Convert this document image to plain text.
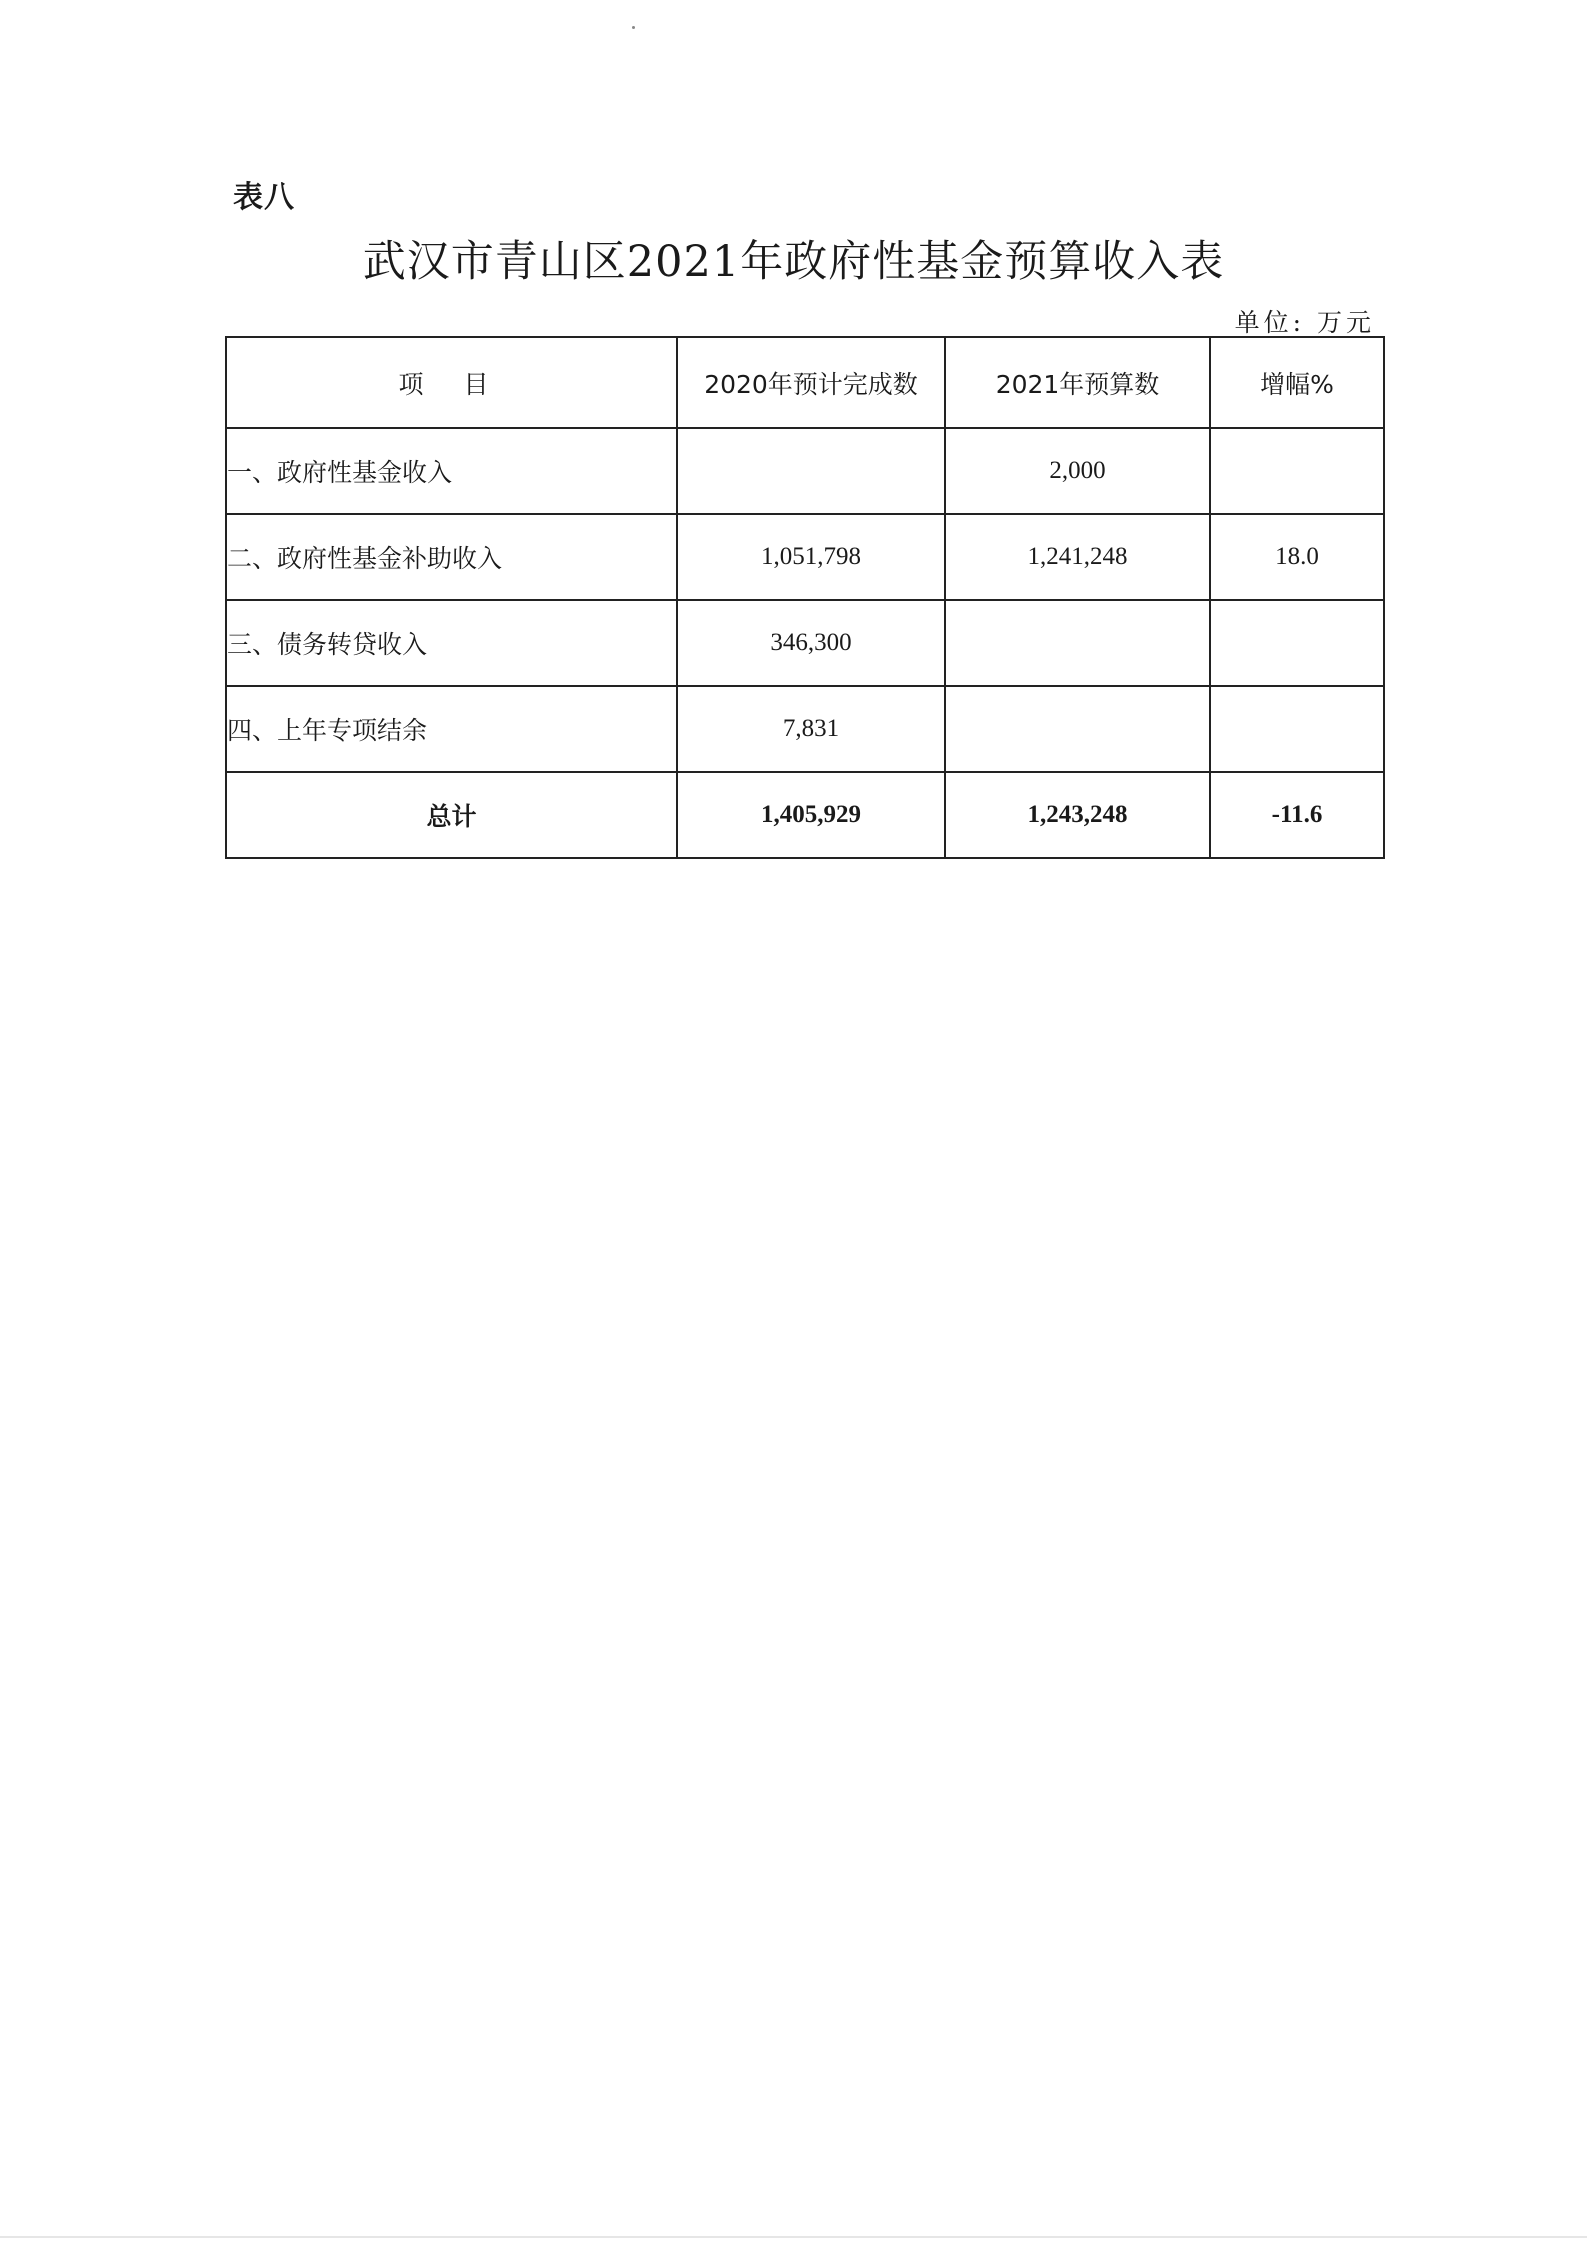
表八
武汉市青山区2021年政府性基金预算收入表
单位: 万元
项 目	2020年预计完成数	2021年预算数	增幅%
一、政府性基金收入		2,000	
二、政府性基金补助收入	1,051,798	1,241,248	18.0
三、债务转贷收入	346,300		
四、上年专项结余	7,831		
总计	1,405,929	1,243,248	-11.6
